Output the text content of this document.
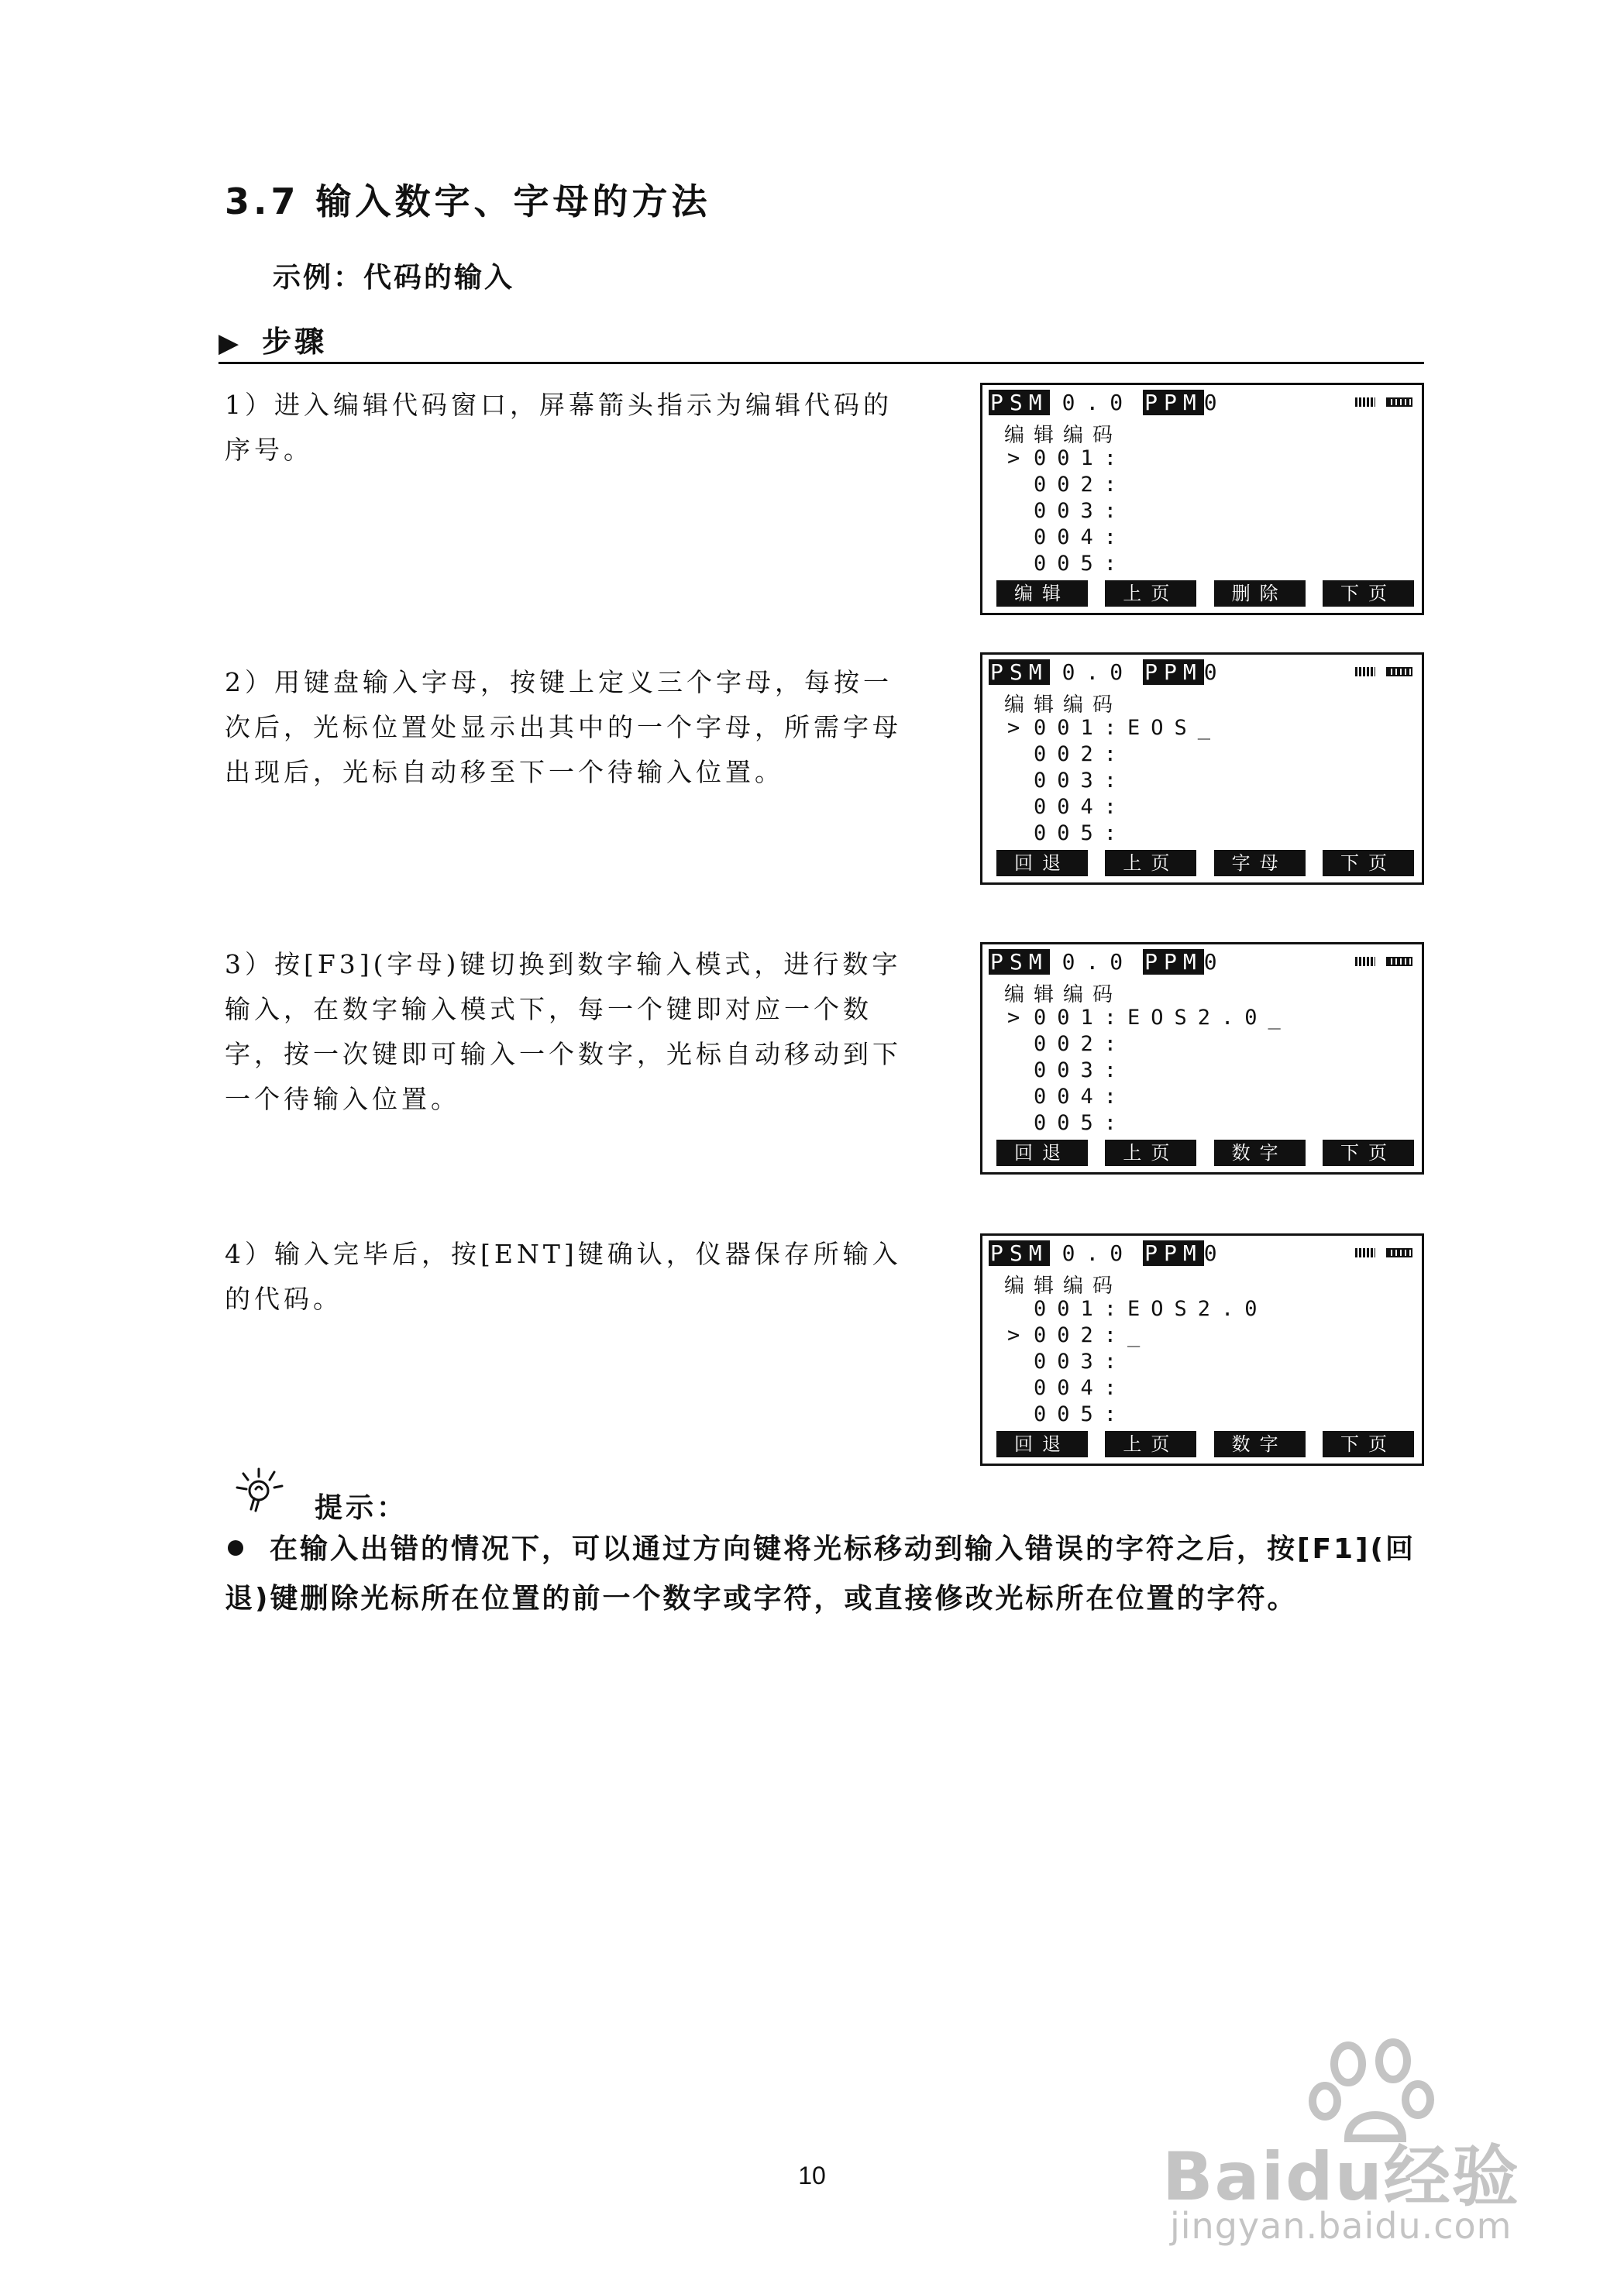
3.7 输入数字、字母的方法
示例：代码的输入
▶ 步骤
1）进入编辑代码窗口，屏幕箭头指示为编辑代码的序号。
PSM 0.0 PPM0
编辑编码
> 001:
002:
003:
004:
005:
编辑	上页	删除	下页
2）用键盘输入字母，按键上定义三个字母，每按一次后，光标位置处显示出其中的一个字母，所需字母出现后，光标自动移至下一个待输入位置。
PSM 0.0 PPM0
编辑编码
> 001:EOS_
002:
003:
004:
005:
回退	上页	字母	下页
3）按[F3](字母)键切换到数字输入模式，进行数字输入，在数字输入模式下，每一个键即对应一个数字，按一次键即可输入一个数字，光标自动移动到下一个待输入位置。
PSM 0.0 PPM0
编辑编码
> 001:EOS2.0_
002:
003:
004:
005:
回退	上页	数字	下页
4）输入完毕后，按[ENT]键确认，仪器保存所输入的代码。
PSM 0.0 PPM0
编辑编码
001:EOS2.0
> 002:_
003:
004:
005:
回退	上页	数字	下页
提示：
在输入出错的情况下，可以通过方向键将光标移动到输入错误的字符之后，按[F1](回退)键删除光标所在位置的前一个数字或字符，或直接修改光标所在位置的字符。
10	Baidu经验
jingyan.baidu.com
